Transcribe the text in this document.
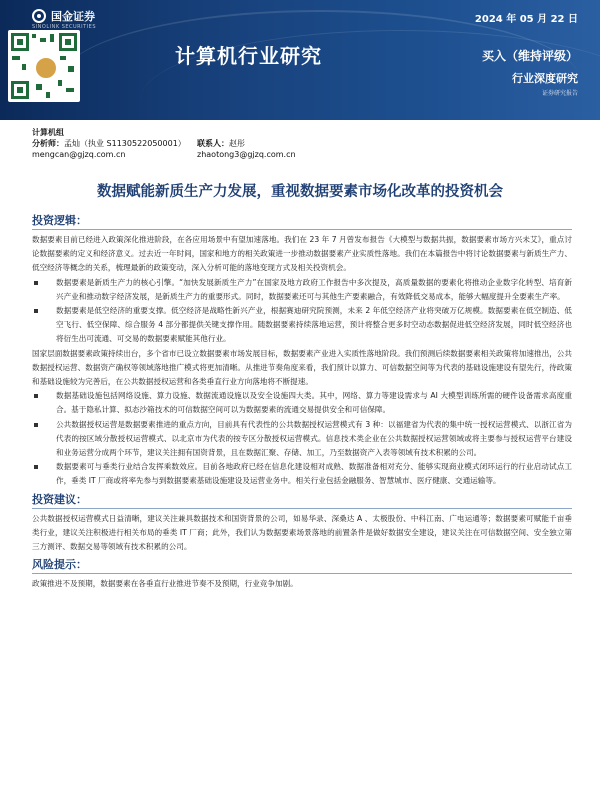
国金证券
SINOLINK SECURITIES
2024 年 05 月 22 日
计算机行业研究	买入（维持评级）
行业深度研究
证券研究报告
计算机组
分析师：孟灿（执业 S1130522050001）	联系人：赵彤
mengcan@gjzq.com.cn	zhaotong3@gjzq.com.cn
数据赋能新质生产力发展，重视数据要素市场化改革的投资机会
投资逻辑：

数据要素目前已经进入政策深化推进阶段，在各应用场景中有望加速落地。我们在 23 年 7 月曾发布报告《大模型与数据共振，数据要素市场方兴未艾》，重点讨论数据要素的定义和经济意义。过去近一年时间，国家和地方的相关政策进一步推动数据要素产业实质性落地。我们在本篇报告中将讨论数据要素与新质生产力、低空经济等概念的关系，梳理最新的政策变动，深入分析可能的落地变现方式及相关投资机会。

数据要素是新质生产力的核心引擎。“加快发展新质生产力”在国家及地方政府工作报告中多次提及，高质量数据的要素化将推动企业数字化转型、培育新兴产业和推动数字经济发展，是新质生产力的重要形式。同时，数据要素还可与其他生产要素融合，有效降低交易成本，能够大幅度提升全要素生产率。
数据要素是低空经济的重要支撑。低空经济是战略性新兴产业，根据赛迪研究院预测，未来 2 年低空经济产业将突破万亿规模。数据要素在低空制造、低空飞行、低空保障、综合服务 4 部分都提供关键支撑作用。随数据要素持续落地运营，预计将整合更多时空动态数据促进低空经济发展，同时低空经济也将衍生出可流通、可交易的数据要素赋能其他行业。

国家层面数据要素政策持续出台，多个省市已设立数据要素市场发展目标，数据要素产业进入实质性落地阶段。我们预测后续数据要素相关政策将加速推出，公共数据授权运营、数据资产确权等领域落地推广模式将更加清晰。从推进节奏角度来看，我们预计以算力、可信数据空间等为代表的基础设施建设有望先行，待政策和基础设施较为完善后，在公共数据授权运营和各类垂直行业方向落地将不断提速。

数据基础设施包括网络设施、算力设施、数据流通设施以及安全设施四大类。其中，网络、算力等建设需求与 AI 大模型训练所需的硬件设备需求高度重合。基于隐私计算、拟态沙箱技术的可信数据空间可以为数据要素的流通交易提供安全和可信保障。
公共数据授权运营是数据要素推进的重点方向，目前具有代表性的公共数据授权运营模式有 3 种：以福建省为代表的集中统一授权运营模式、以浙江省为代表的按区域分散授权运营模式、以北京市为代表的按专区分散授权运营模式。信息技术类企业在公共数据授权运营领域或将主要参与授权运营平台建设和业务运营分成两个环节，建议关注拥有国资背景，且在数据汇聚、存储、加工，乃至数据资产入表等领域有技术积累的公司。
数据要素可与垂类行业结合发挥乘数效应。目前各地政府已经在信息化建设相对成熟、数据准备相对充分、能够实现商业模式闭环运行的行业启动试点工作，垂类 IT 厂商或将率先参与到数据要素基础设施建设及运营业务中。相关行业包括金融服务、智慧城市、医疗健康、交通运输等。
投资建议：

公共数据授权运营模式日益清晰，建议关注兼具数据技术和国资背景的公司，如易华录、深桑达 A 、太极股份、中科江南、广电运通等；数据要素可赋能千亩垂类行业，建议关注积极进行相关布局的垂类 IT 厂商；此外，我们认为数据要素场景落地的前置条件是做好数据安全建设，建议关注在可信数据空间、安全独立第三方测评、数据交易等领域有技术积累的公司。

风险提示：

政策推进不及预期，数据要素在各垂直行业推进节奏不及预期，行业竞争加剧。
